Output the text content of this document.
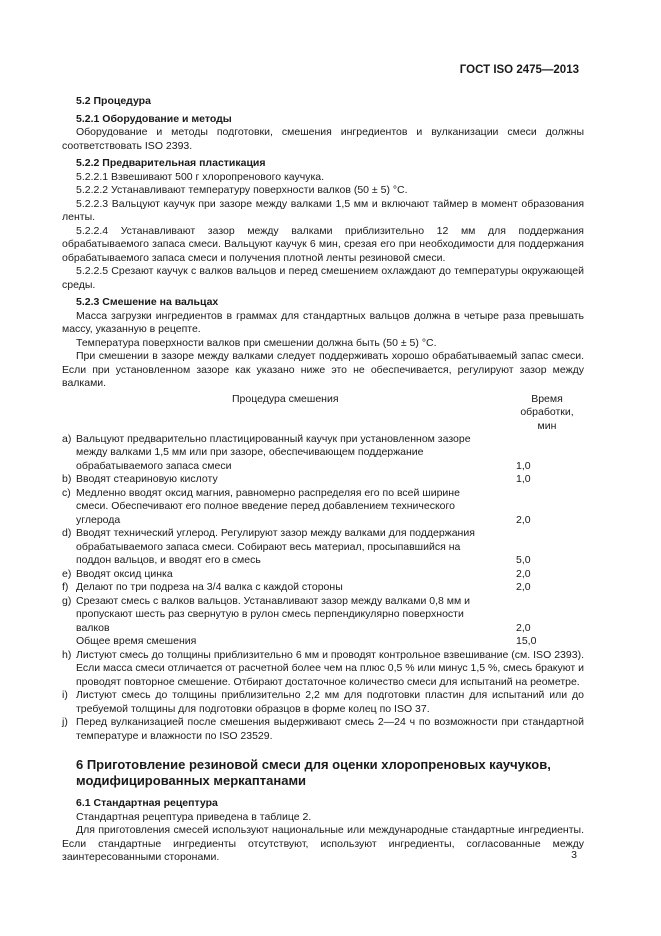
ГОСТ ISO 2475—2013

5.2 Процедура

5.2.1 Оборудование и методы

Оборудование и методы подготовки, смешения ингредиентов и вулканизации смеси должны соответствовать ISO 2393.

5.2.2 Предварительная пластикация

5.2.2.1 Взвешивают 500 г хлоропренового каучука.

5.2.2.2 Устанавливают температуру поверхности валков (50 ± 5) °С.

5.2.2.3 Вальцуют каучук при зазоре между валками 1,5 мм и включают таймер в момент образования ленты.

5.2.2.4 Устанавливают зазор между валками приблизительно 12 мм для поддержания обрабатываемого запаса смеси. Вальцуют каучук 6 мин, срезая его при необходимости для поддержания обрабатываемого запаса смеси и получения плотной ленты резиновой смеси.

5.2.2.5 Срезают каучук с валков вальцов и перед смешением охлаждают до температуры окружающей среды.

5.2.3 Смешение на вальцах

Масса загрузки ингредиентов в граммах для стандартных вальцов должна в четыре раза превышать массу, указанную в рецепте.

Температура поверхности валков при смешении должна быть (50 ± 5) °С.

При смешении в зазоре между валками следует поддерживать хорошо обрабатываемый запас смеси. Если при установленном зазоре как указано ниже это не обеспечивается, регулируют зазор между валками.

Процедура смешения	Время
обработки,
мин
a) Вальцуют предварительно пластицированный каучук при установленном зазоре между валками 1,5 мм или при зазоре, обеспечивающем поддержание обрабатываемого запаса смеси	1,0
b) Вводят стеариновую кислоту	1,0
c) Медленно вводят оксид магния, равномерно распределяя его по всей ширине смеси. Обеспечивают его полное введение перед добавлением технического углерода	2,0
d) Вводят технический углерод. Регулируют зазор между валками для поддержания обрабатываемого запаса смеси. Собирают весь материал, просыпавшийся на поддон вальцов, и вводят его в смесь	5,0
e) Вводят оксид цинка	2,0
f) Делают по три подреза на 3/4 валка с каждой стороны	2,0
g) Срезают смесь с валков вальцов. Устанавливают зазор между валками 0,8 мм и пропускают шесть раз свернутую в рулон смесь перпендикулярно поверхности валков	2,0
Общее время смешения	15,0
h) Листуют смесь до толщины приблизительно 6 мм и проводят контрольное взвешивание (см. ISO 2393). Если масса смеси отличается от расчетной более чем на плюс 0,5 % или минус 1,5 %, смесь бракуют и проводят повторное смешение. Отбирают достаточное количество смеси для испытаний на реометре.
i) Листуют смесь до толщины приблизительно 2,2 мм для подготовки пластин для испытаний или до требуемой толщины для подготовки образцов в форме колец по ISO 37.
j) Перед вулканизацией после смешения выдерживают смесь 2—24 ч по возможности при стандартной температуре и влажности по ISO 23529.

6 Приготовление резиновой смеси для оценки хлоропреновых каучуков, модифицированных меркаптанами

6.1 Стандартная рецептура

Стандартная рецептура приведена в таблице 2.

Для приготовления смесей используют национальные или международные стандартные ингредиенты. Если стандартные ингредиенты отсутствуют, используют ингредиенты, согласованные между заинтересованными сторонами.	3
